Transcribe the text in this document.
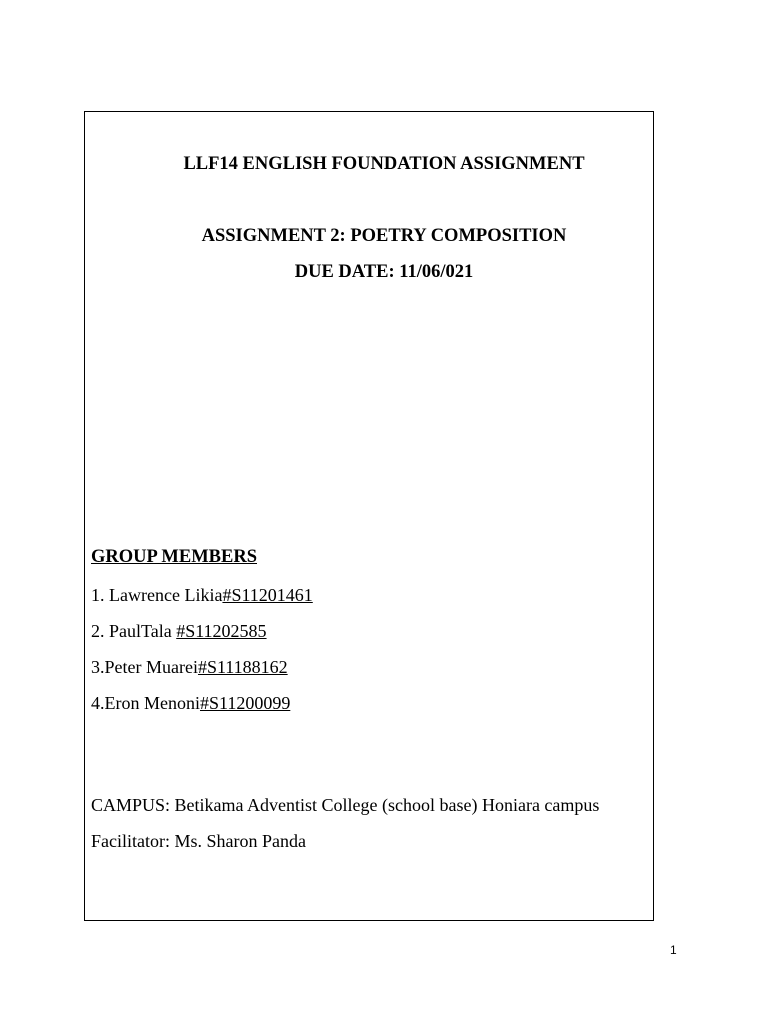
LLF14 ENGLISH FOUNDATION ASSIGNMENT
ASSIGNMENT 2: POETRY COMPOSITION
DUE DATE: 11/06/021
GROUP MEMBERS
1. Lawrence Likia#S11201461
2. PaulTala #S11202585
3.Peter Muarei#S11188162
4.Eron Menoni#S11200099
CAMPUS: Betikama Adventist College (school base) Honiara campus
Facilitator: Ms. Sharon Panda
1
